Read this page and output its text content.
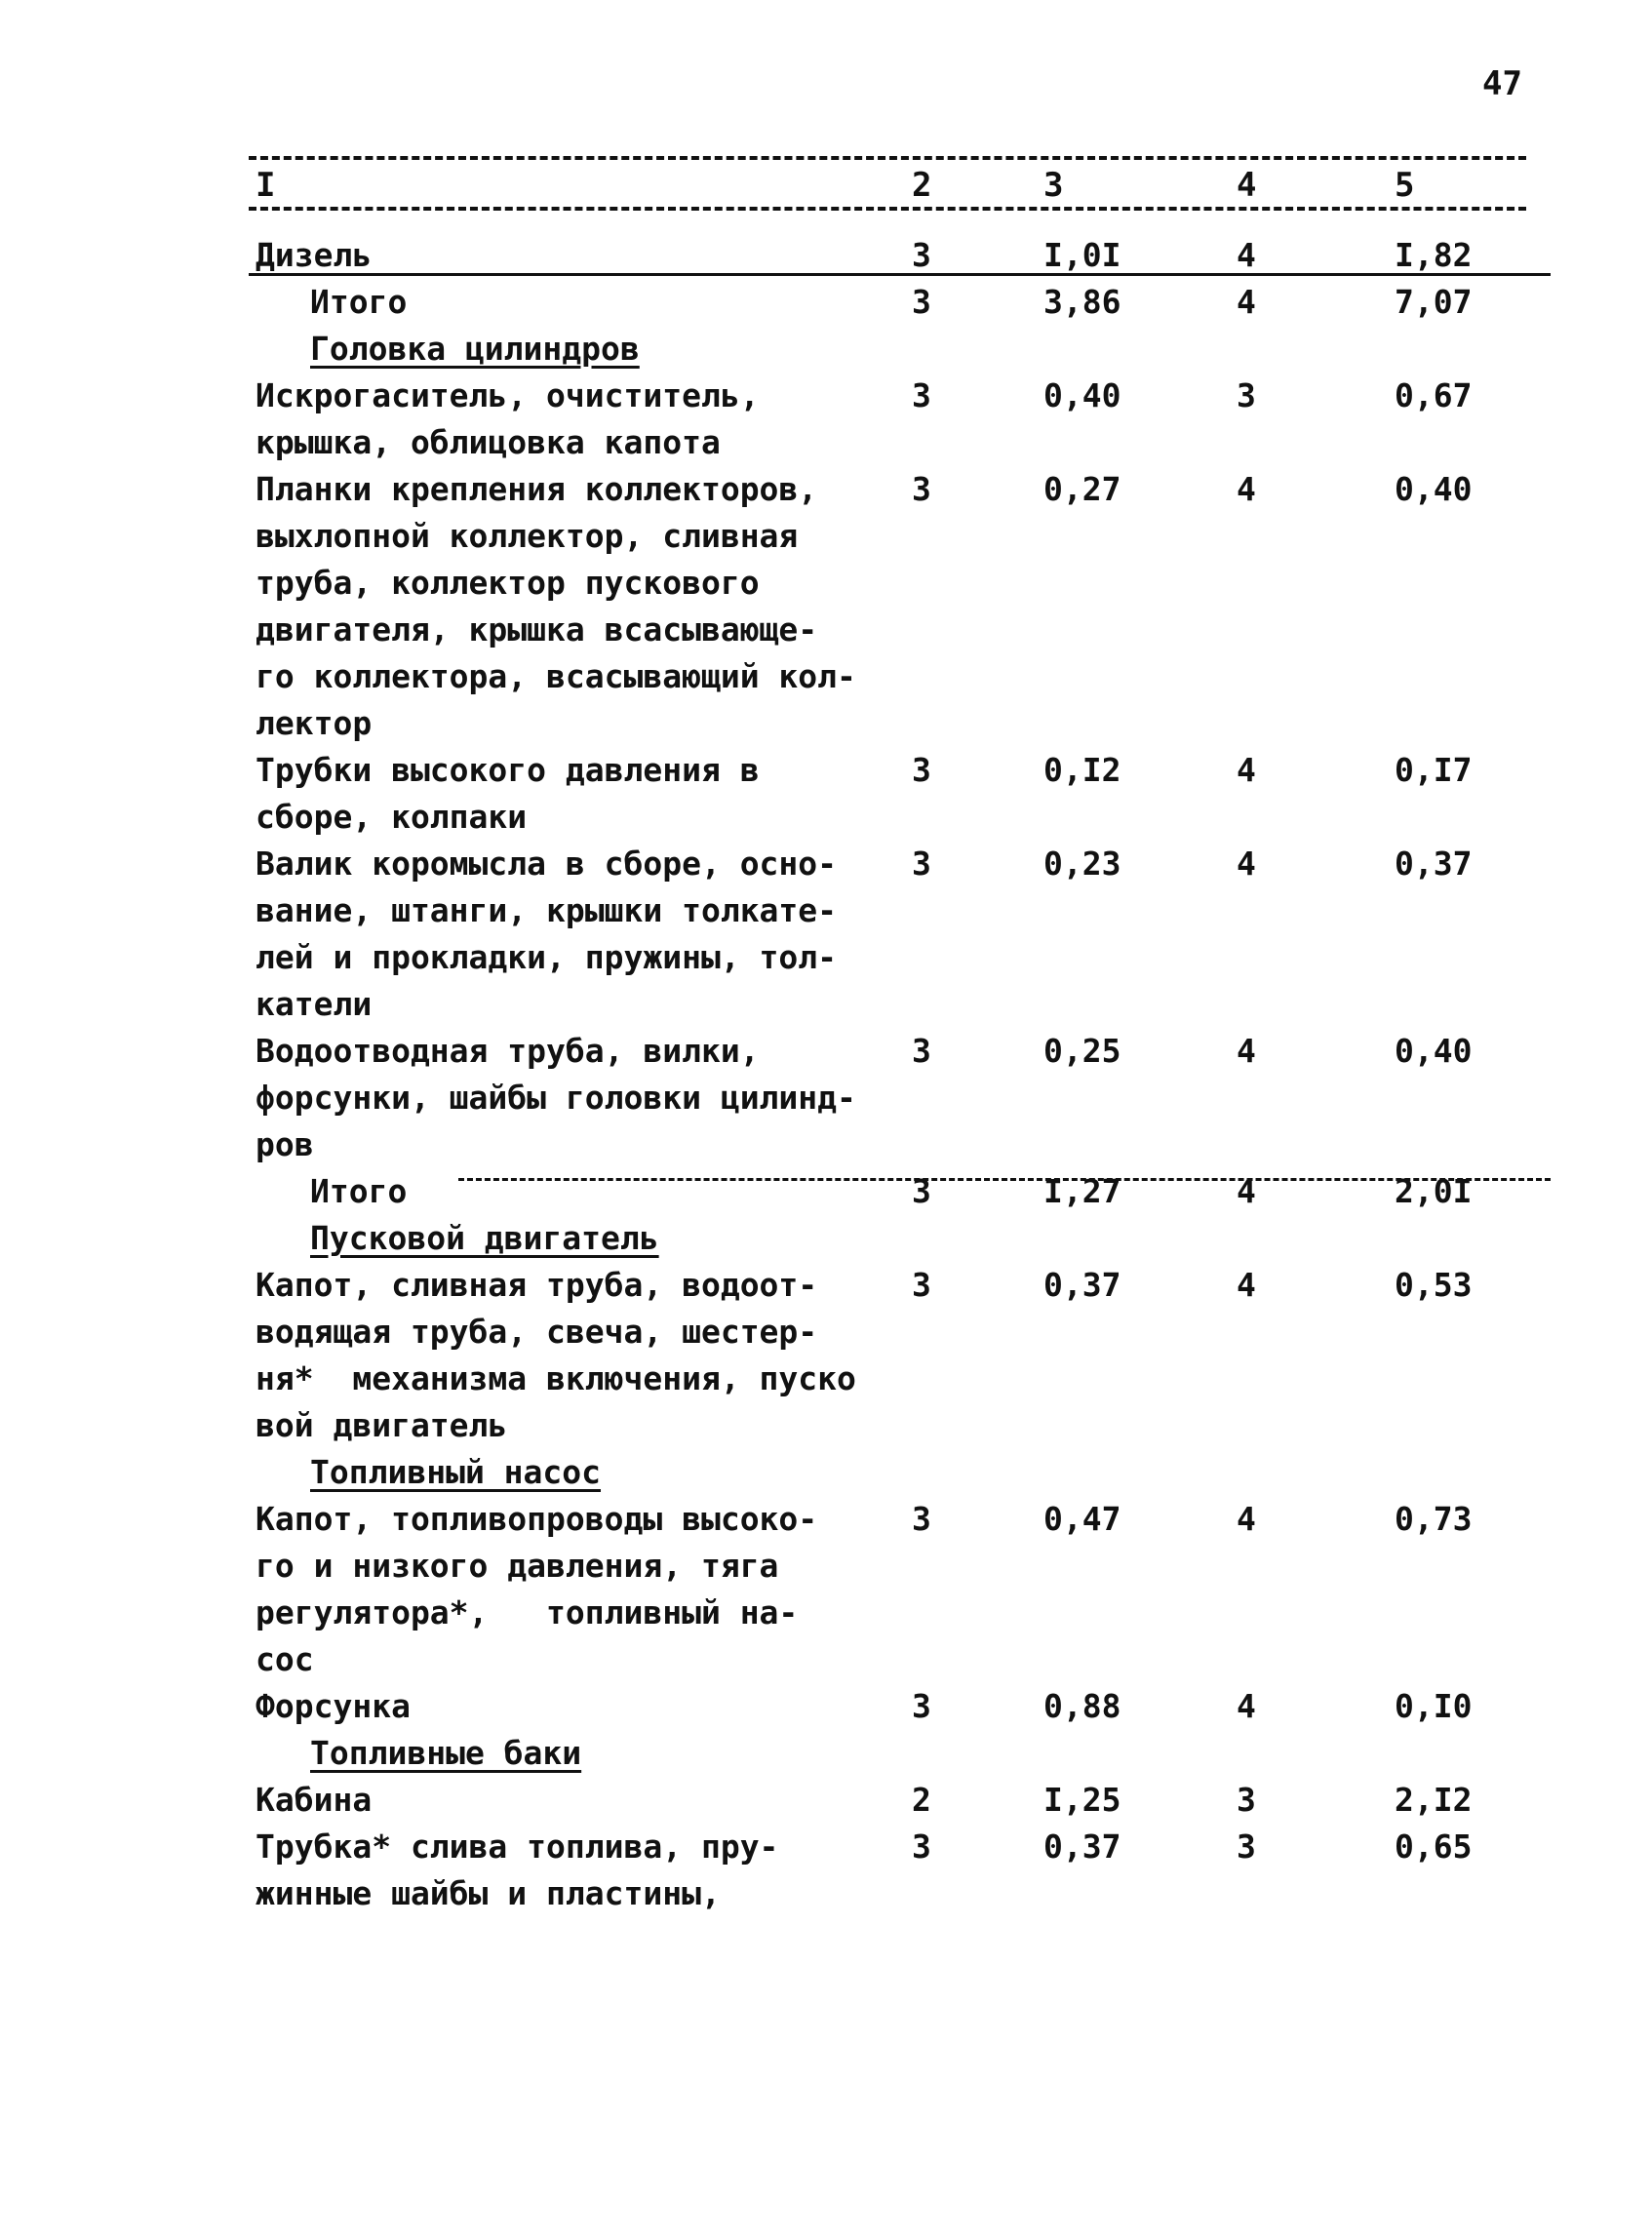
47
I	2	3	4	5
Дизель	3	I,0I	4	I,82
Итого	3	3,86	4	7,07
Головка цилиндров
Искрогаситель, очиститель,
крышка, облицовка капота
3	0,40	3	0,67
Планки крепления коллекторов,
выхлопной коллектор, сливная
труба, коллектор пускового
двигателя, крышка всасывающе-
го коллектора, всасывающий кол-
лектор
3	0,27	4	0,40
Трубки высокого давления в
сборе, колпаки
3	0,I2	4	0,I7
Валик коромысла в сборе, осно-
вание, штанги, крышки толкате-
лей и прокладки, пружины, тол-
катели
3	0,23	4	0,37
Водоотводная труба, вилки,
форсунки, шайбы головки цилинд-
ров
3	0,25	4	0,40
Итого	3	I,27	4	2,0I
Пусковой двигатель
Капот, сливная труба, водоот-
водящая труба, свеча, шестер-
ня*  механизма включения, пуско
вой двигатель
3	0,37	4	0,53
Топливный насос
Капот, топливопроводы высоко-
го и низкого давления, тяга
регулятора*,   топливный на-
сос
3	0,47	4	0,73
Форсунка	3	0,88	4	0,I0
Топливные баки
Кабина	2	I,25	3	2,I2
Трубка* слива топлива, пру-
жинные шайбы и пластины,
3	0,37	3	0,65
